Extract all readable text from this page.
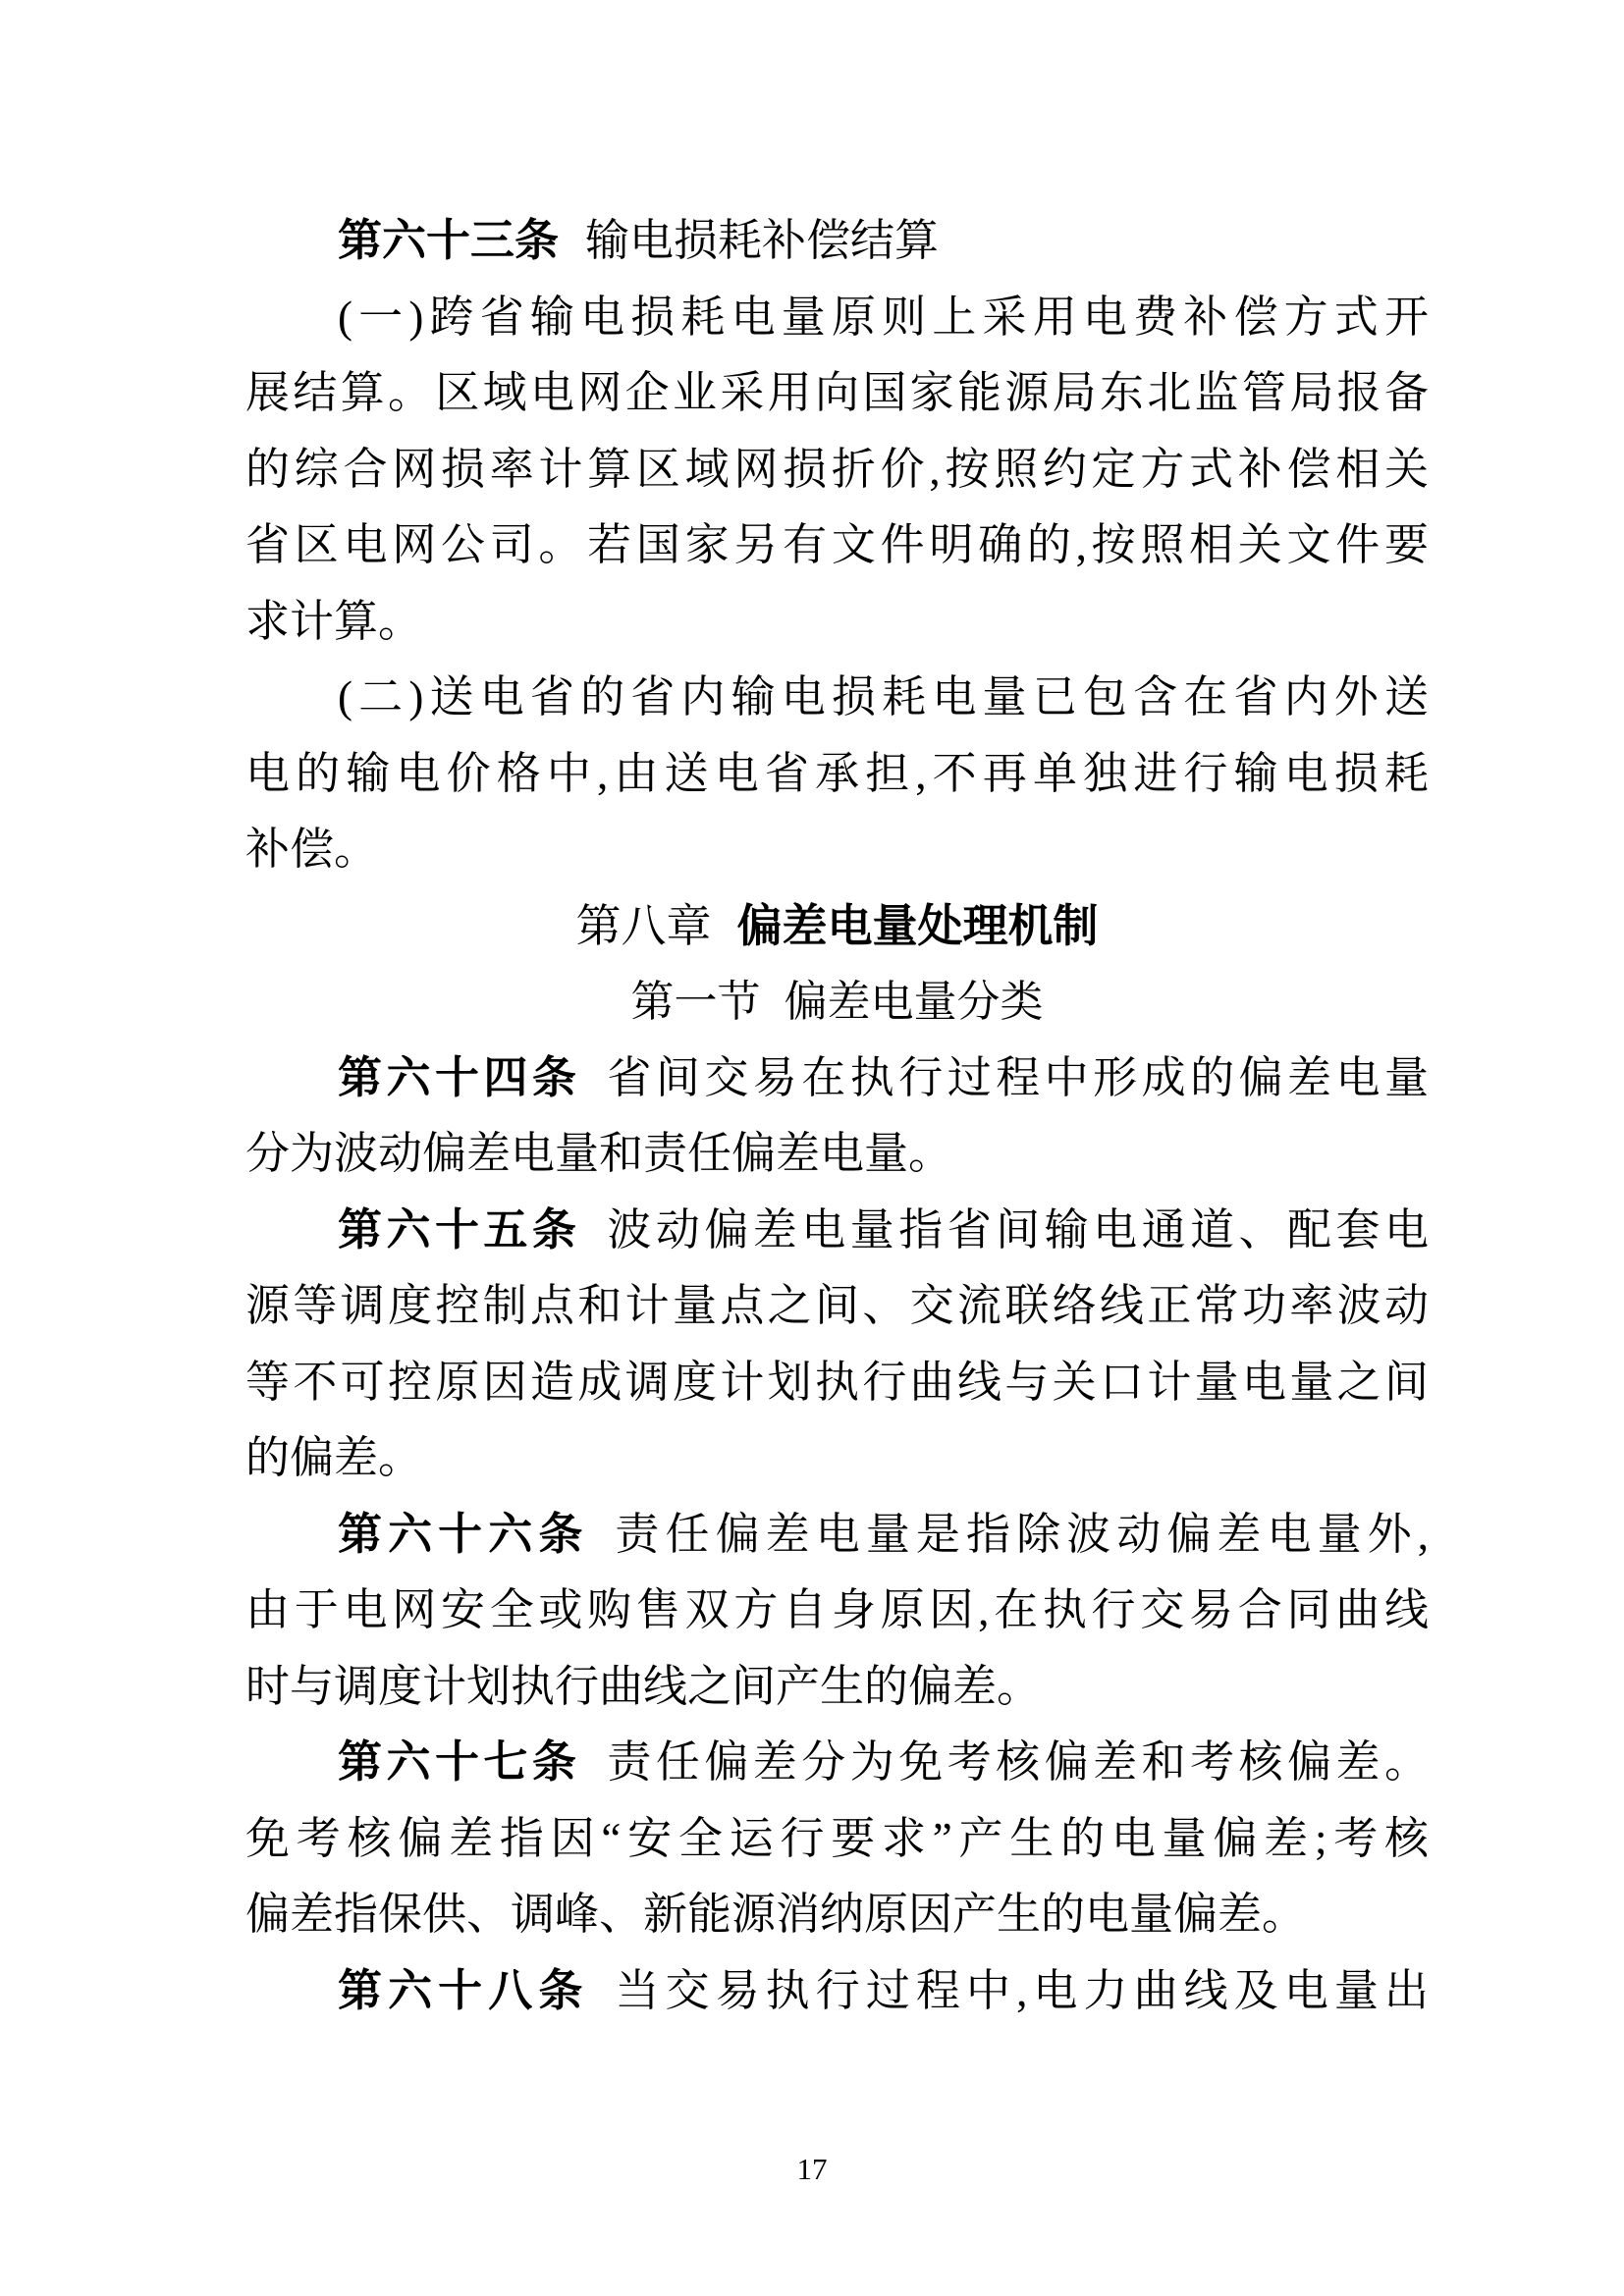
第六十三条 输电损耗补偿结算
(一)跨省输电损耗电量原则上采用电费补偿方式开
展结算。区域电网企业采用向国家能源局东北监管局报备
的综合网损率计算区域网损折价,按照约定方式补偿相关
省区电网公司。若国家另有文件明确的,按照相关文件要
求计算。
(二)送电省的省内输电损耗电量已包含在省内外送
电的输电价格中,由送电省承担,不再单独进行输电损耗
补偿。
第八章 偏差电量处理机制
第一节 偏差电量分类
第六十四条 省间交易在执行过程中形成的偏差电量
分为波动偏差电量和责任偏差电量。
第六十五条 波动偏差电量指省间输电通道、配套电
源等调度控制点和计量点之间、交流联络线正常功率波动
等不可控原因造成调度计划执行曲线与关口计量电量之间
的偏差。
第六十六条 责任偏差电量是指除波动偏差电量外,
由于电网安全或购售双方自身原因,在执行交易合同曲线
时与调度计划执行曲线之间产生的偏差。
第六十七条 责任偏差分为免考核偏差和考核偏差。
免考核偏差指因“安全运行要求”产生的电量偏差;考核
偏差指保供、调峰、新能源消纳原因产生的电量偏差。
第六十八条 当交易执行过程中,电力曲线及电量出
17
